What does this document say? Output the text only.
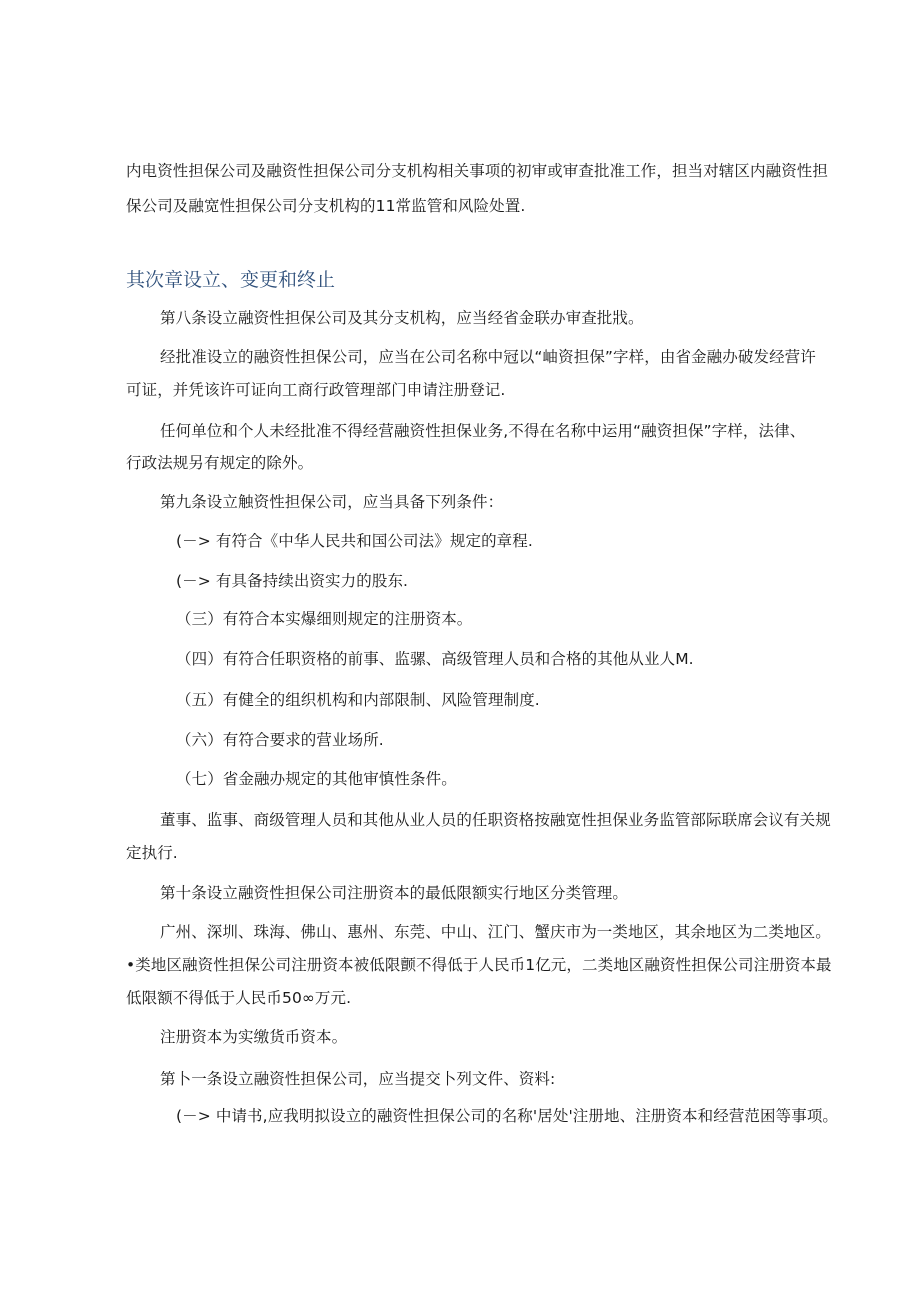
内电资性担保公司及融资性担保公司分支机构相关事项的初审或审查批准工作，担当对辖区内融资性担
保公司及融宽性担保公司分支机构的11常监管和风险处置.
其次章设立、变更和终止
第八条设立融资性担保公司及其分支机构，应当经省金联办审查批戕。
经批准设立的融资性担保公司，应当在公司名称中冠以“岫资担保”字样，由省金融办破发经营许
可证，并凭该许可证向工商行政管理部门申请注册登记.
任何单位和个人未经批准不得经营融资性担保业务,不得在名称中运用“融资担保”字样，法律、
行政法规另有规定的除外。
第九条设立触资性担保公司，应当具备下列条件：
(－> 有符合《中华人民共和国公司法》规定的章程.
(－> 有具备持续出资实力的股东.
（三）有符合本实爆细则规定的注册资本。
（四）有符合任职资格的前事、监骡、高级管理人员和合格的其他从业人M.
（五）有健全的组织机构和内部限制、风险管理制度.
（六）有符合要求的营业场所.
（七）省金融办规定的其他审慎性条件。
董事、监事、商级管理人员和其他从业人员的任职资格按融宽性担保业务监管部际联席会议有关规
定执行.
第十条设立融资性担保公司注册资本的最低限额实行地区分类管理。
广州、深圳、珠海、佛山、惠州、东莞、中山、江门、蟹庆市为一类地区，其余地区为二类地区。
•类地区融资性担保公司注册资本被低限颤不得低于人民币1亿元，二类地区融资性担保公司注册资本最
低限额不得低于人民币50∞万元.
注册资本为实缴货币资本。
第卜一条设立融资性担保公司，应当提交卜列文件、资料:
(－> 中请书,应我明拟设立的融资性担保公司的名称'居处'注册地、注册资本和经营范困等事项。
